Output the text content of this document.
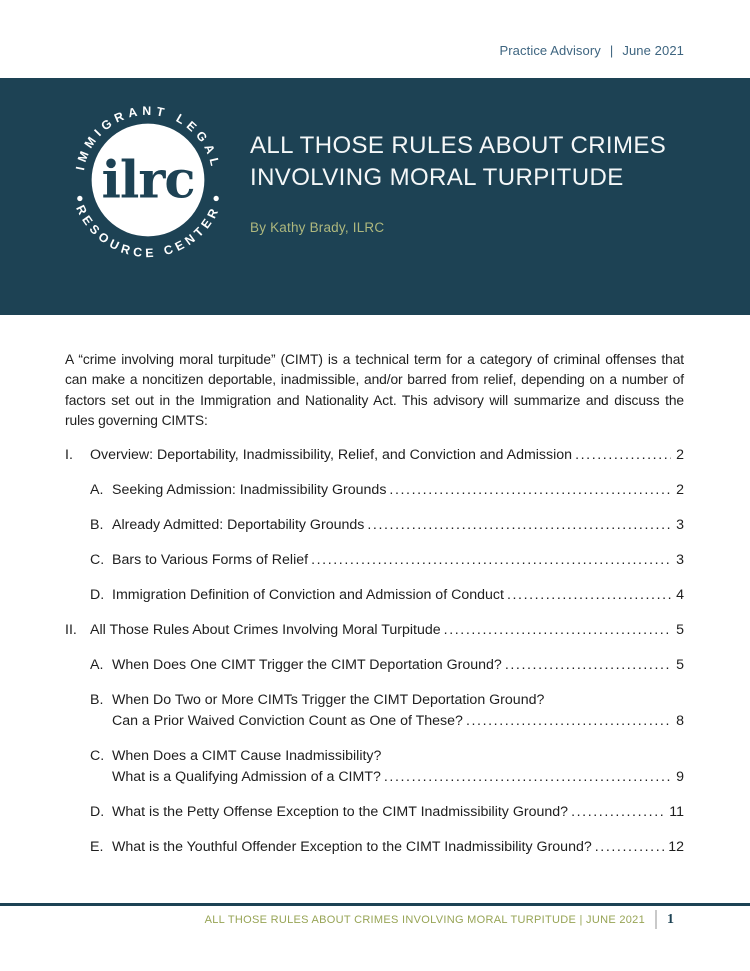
Practice Advisory | June 2021
ilrc
IMMIGRANT LEGAL
RESOURCE CENTER
ALL THOSE RULES ABOUT CRIMES
INVOLVING MORAL TURPITUDE
By Kathy Brady, ILRC

A “crime involving moral turpitude” (CIMT) is a technical term for a category of criminal offenses that can make a noncitizen deportable, inadmissible, and/or barred from relief, depending on a number of factors set out in the Immigration and Nationality Act. This advisory will summarize and discuss the rules governing CIMTS:

I.	Overview: Deportability, Inadmissibility, Relief, and Conviction and Admission .....	2
A. Seeking Admission: Inadmissibility Grounds .....	2
B. Already Admitted: Deportability Grounds .....	3
C. Bars to Various Forms of Relief .....	3
D. Immigration Definition of Conviction and Admission of Conduct .....	4
II. All Those Rules About Crimes Involving Moral Turpitude .....	5
A. When Does One CIMT Trigger the CIMT Deportation Ground? .....	5
B. When Do Two or More CIMTs Trigger the CIMT Deportation Ground?
Can a Prior Waived Conviction Count as One of These? .....	8
C. When Does a CIMT Cause Inadmissibility?
What is a Qualifying Admission of a CIMT? .....	9
D. What is the Petty Offense Exception to the CIMT Inadmissibility Ground? .....	11
E. What is the Youthful Offender Exception to the CIMT Inadmissibility Ground? .....	12
ALL THOSE RULES ABOUT CRIMES INVOLVING MORAL TURPITUDE | JUNE 2021 1
